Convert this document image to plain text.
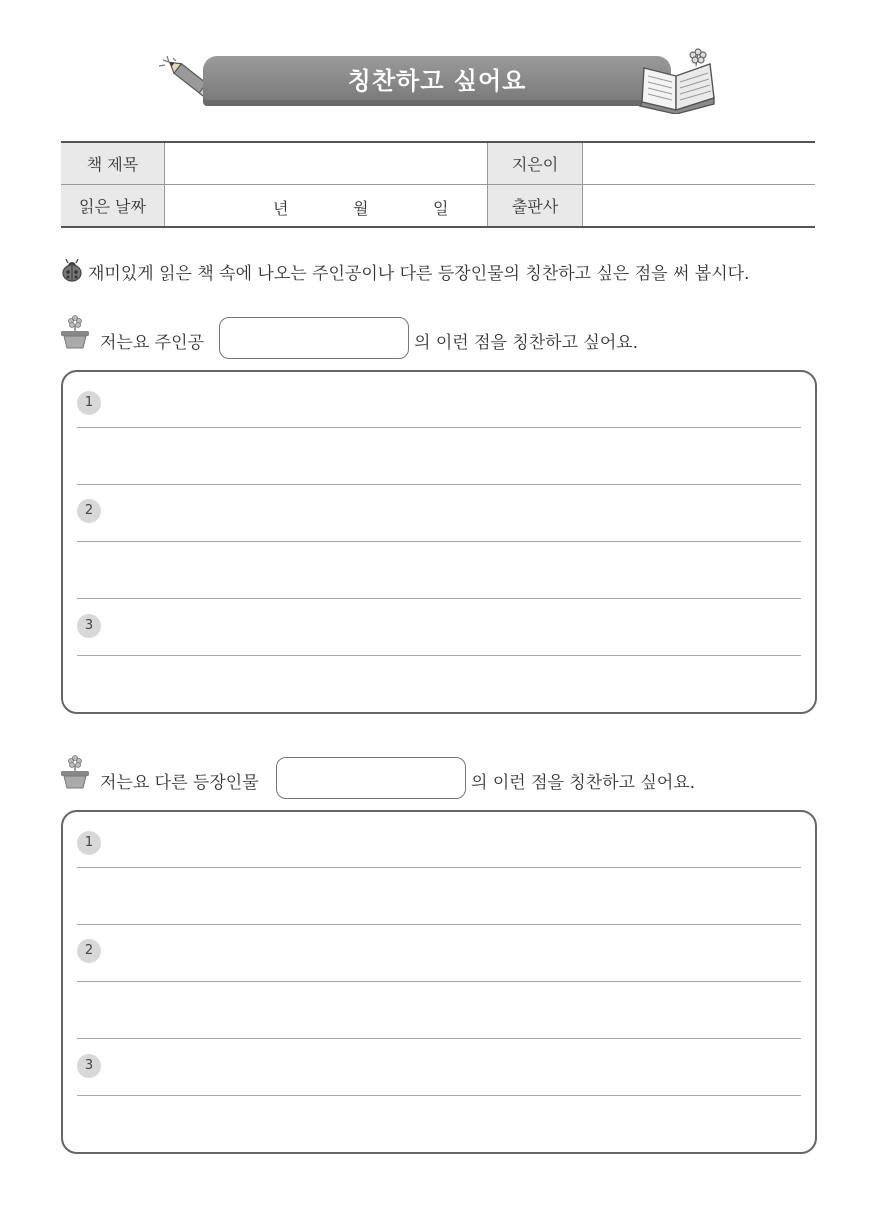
칭찬하고 싶어요
책 제목		지은이	
읽은 날짜	년 월 일	출판사	
재미있게 읽은 책 속에 나오는 주인공이나 다른 등장인물의 칭찬하고 싶은 점을 써 봅시다.
저는요 주인공	의 이런 점을 칭찬하고 싶어요.
1
2
3
저는요 다른 등장인물	의 이런 점을 칭찬하고 싶어요.
1
2
3
